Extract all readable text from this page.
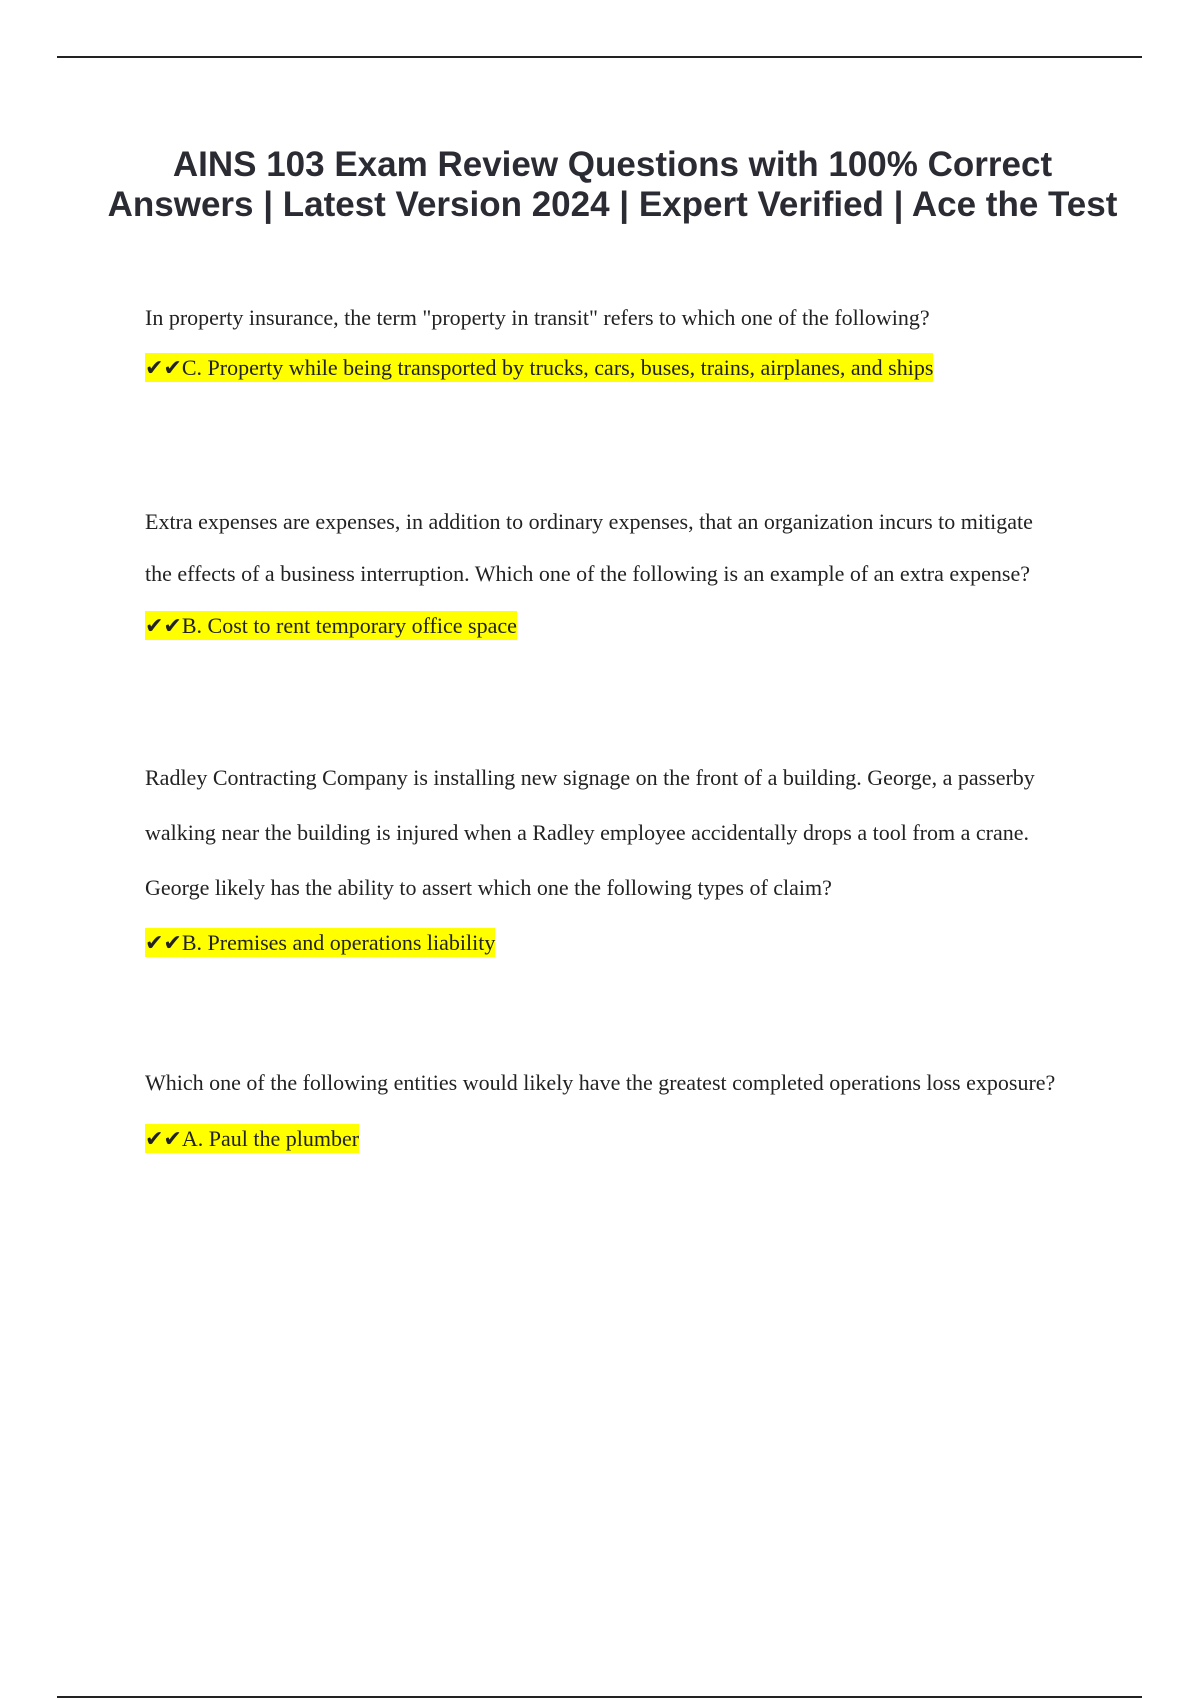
AINS 103 Exam Review Questions with 100% Correct Answers | Latest Version 2024 | Expert Verified | Ace the Test

In property insurance, the term "property in transit" refers to which one of the following?

✔✔C. Property while being transported by trucks, cars, buses, trains, airplanes, and ships

Extra expenses are expenses, in addition to ordinary expenses, that an organization incurs to mitigate the effects of a business interruption. Which one of the following is an example of an extra expense? ✔✔B. Cost to rent temporary office space

Radley Contracting Company is installing new signage on the front of a building. George, a passerby walking near the building is injured when a Radley employee accidentally drops a tool from a crane. George likely has the ability to assert which one the following types of claim?

✔✔B. Premises and operations liability

Which one of the following entities would likely have the greatest completed operations loss exposure? ✔✔A. Paul the plumber
